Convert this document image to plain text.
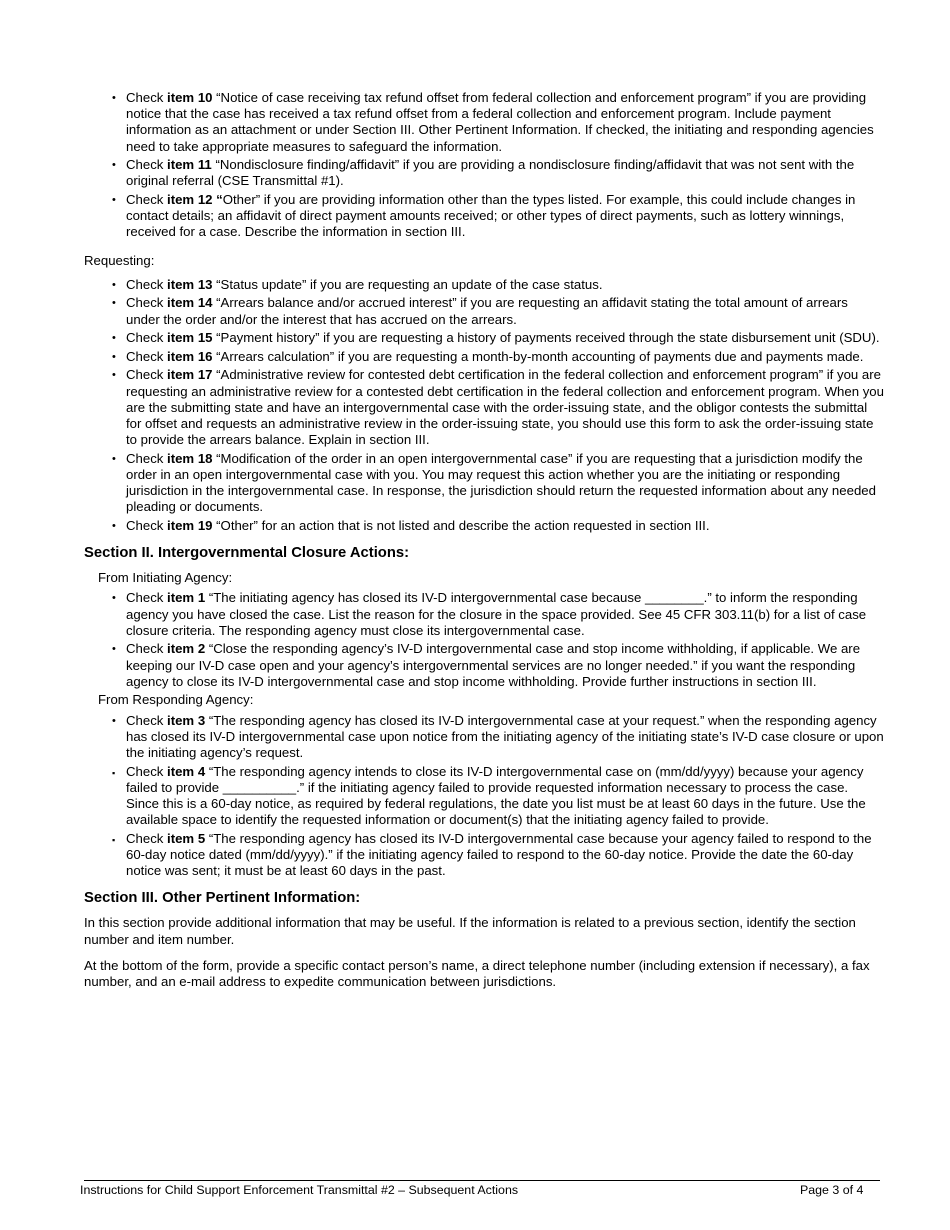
• Check item 10 “Notice of case receiving tax refund offset from federal collection and enforcement program” if you are providing notice that the case has received a tax refund offset from a federal collection and enforcement program. Include payment information as an attachment or under Section III. Other Pertinent Information. If checked, the initiating and responding agencies need to take appropriate measures to safeguard the information.
• Check item 11 “Nondisclosure finding/affidavit” if you are providing a nondisclosure finding/affidavit that was not sent with the original referral (CSE Transmittal #1).
• Check item 12 “Other” if you are providing information other than the types listed. For example, this could include changes in contact details; an affidavit of direct payment amounts received; or other types of direct payments, such as lottery winnings, received for a case. Describe the information in section III.

Requesting:

• Check item 13 “Status update” if you are requesting an update of the case status.
• Check item 14 “Arrears balance and/or accrued interest” if you are requesting an affidavit stating the total amount of arrears under the order and/or the interest that has accrued on the arrears.
• Check item 15 “Payment history” if you are requesting a history of payments received through the state disbursement unit (SDU).
• Check item 16 “Arrears calculation” if you are requesting a month-by-month accounting of payments due and payments made.
• Check item 17 “Administrative review for contested debt certification in the federal collection and enforcement program” if you are requesting an administrative review for a contested debt certification in the federal collection and enforcement program. When you are the submitting state and have an intergovernmental case with the order-issuing state, and the obligor contests the submittal for offset and requests an administrative review in the order-issuing state, you should use this form to ask the order-issuing state to provide the arrears balance. Explain in section III.
• Check item 18 “Modification of the order in an open intergovernmental case” if you are requesting that a jurisdiction modify the order in an open intergovernmental case with you. You may request this action whether you are the initiating or responding jurisdiction in the intergovernmental case. In response, the jurisdiction should return the requested information about any needed pleading or documents.
• Check item 19 “Other” for an action that is not listed and describe the action requested in section III.
Section II. Intergovernmental Closure Actions:

From Initiating Agency:

• Check item 1 “The initiating agency has closed its IV-D intergovernmental case because ________.” to inform the responding agency you have closed the case. List the reason for the closure in the space provided. See 45 CFR 303.11(b) for a list of case closure criteria. The responding agency must close its intergovernmental case.
• Check item 2 “Close the responding agency’s IV-D intergovernmental case and stop income withholding, if applicable. We are keeping our IV-D case open and your agency’s intergovernmental services are no longer needed.” if you want the responding agency to close its IV-D intergovernmental case and stop income withholding. Provide further instructions in section III.

From Responding Agency:

• Check item 3 “The responding agency has closed its IV-D intergovernmental case at your request.” when the responding agency has closed its IV-D intergovernmental case upon notice from the initiating agency of the initiating state’s IV-D case closure or upon the initiating agency’s request.
▪ Check item 4 “The responding agency intends to close its IV-D intergovernmental case on (mm/dd/yyyy) because your agency failed to provide __________.” if the initiating agency failed to provide requested information necessary to process the case. Since this is a 60-day notice, as required by federal regulations, the date you list must be at least 60 days in the future. Use the available space to identify the requested information or document(s) that the initiating agency failed to provide.
▪ Check item 5 “The responding agency has closed its IV-D intergovernmental case because your agency failed to respond to the 60-day notice dated (mm/dd/yyyy).” if the initiating agency failed to respond to the 60-day notice. Provide the date the 60-day notice was sent; it must be at least 60 days in the past.
Section III. Other Pertinent Information:

In this section provide additional information that may be useful. If the information is related to a previous section, identify the section number and item number.

At the bottom of the form, provide a specific contact person’s name, a direct telephone number (including extension if necessary), a fax number, and an e-mail address to expedite communication between jurisdictions.

Instructions for Child Support Enforcement Transmittal #2 – Subsequent Actions	Page 3 of 4
